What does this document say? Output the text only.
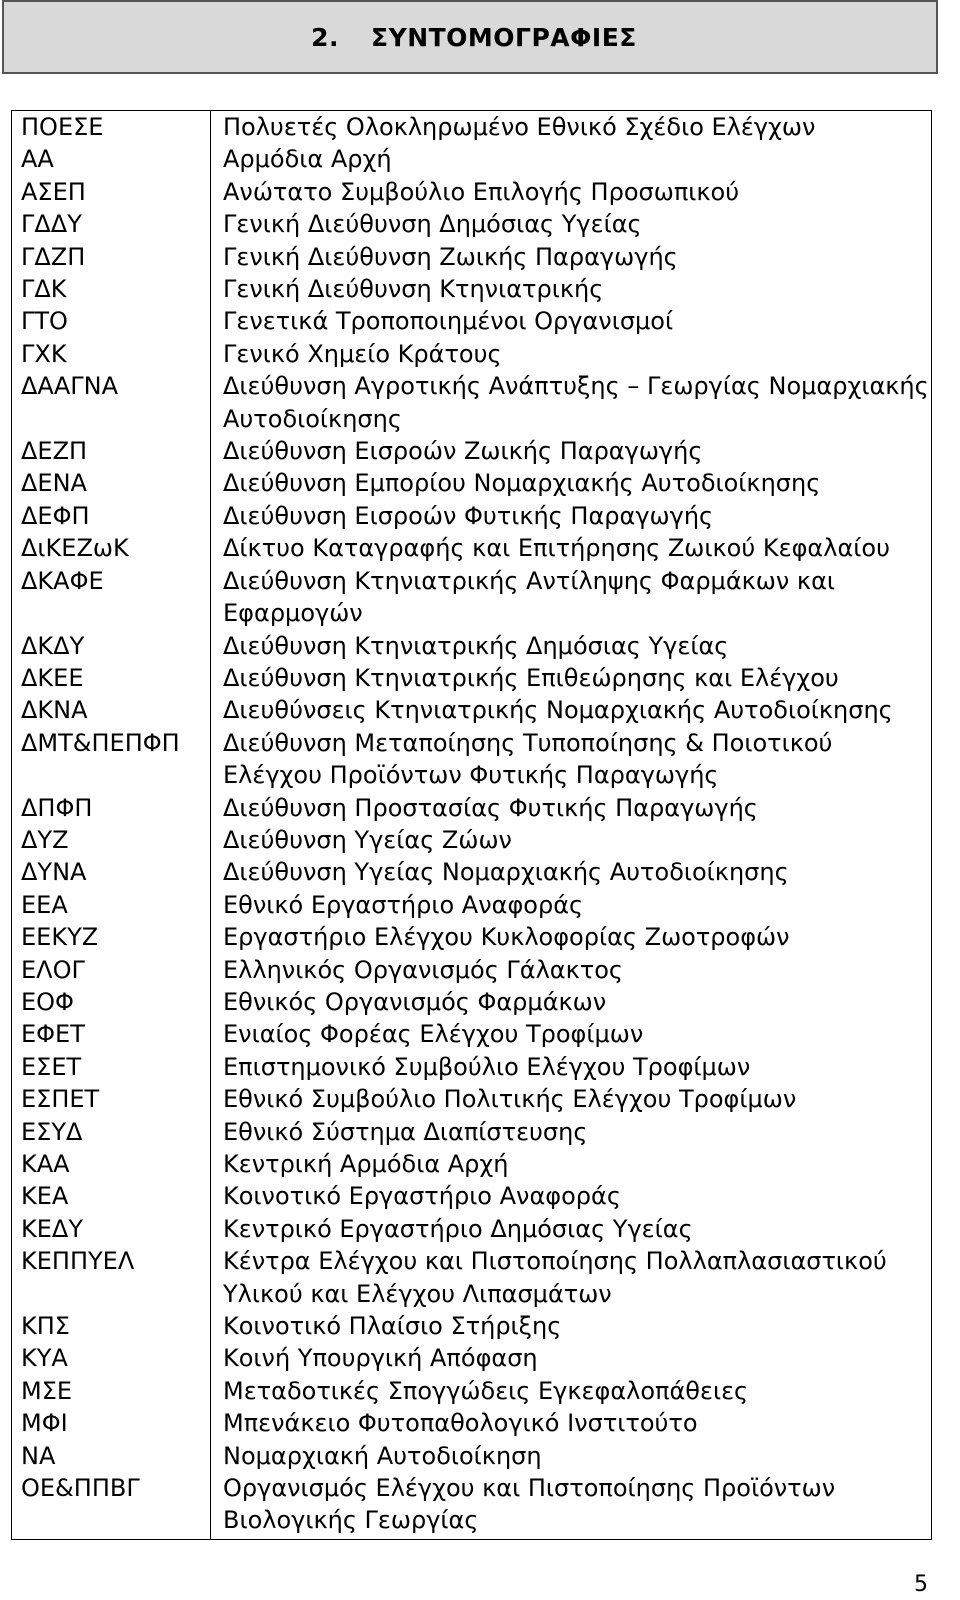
2. ΣΥΝΤΟΜΟΓΡΑΦΙΕΣ
ΠΟΕΣΕ	Πολυετές Ολοκληρωμένο Εθνικό Σχέδιο Ελέγχων

ΑΑ	Αρμόδια Αρχή

ΑΣΕΠ	Ανώτατο Συμβούλιο Επιλογής Προσωπικού

ΓΔΔΥ	Γενική Διεύθυνση Δημόσιας Υγείας

ΓΔΖΠ	Γενική Διεύθυνση Ζωικής Παραγωγής

ΓΔΚ	Γενική Διεύθυνση Κτηνιατρικής

ΓΤΟ	Γενετικά Τροποποιημένοι Οργανισμοί

ΓΧΚ	Γενικό Χημείο Κράτους

ΔΑΑΓΝΑ	Διεύθυνση Αγροτικής Ανάπτυξης – Γεωργίας Νομαρχιακής Αυτοδιοίκησης

ΔΕΖΠ	Διεύθυνση Εισροών Ζωικής Παραγωγής

ΔΕΝΑ	Διεύθυνση Εμπορίου Νομαρχιακής Αυτοδιοίκησης

ΔΕΦΠ	Διεύθυνση Εισροών Φυτικής Παραγωγής

ΔιΚΕΖωΚ	Δίκτυο Καταγραφής και Επιτήρησης Ζωικού Κεφαλαίου

ΔΚΑΦΕ	Διεύθυνση Κτηνιατρικής Αντίληψης Φαρμάκων και Εφαρμογών

ΔΚΔΥ	Διεύθυνση Κτηνιατρικής Δημόσιας Υγείας

ΔΚΕΕ	Διεύθυνση Κτηνιατρικής Επιθεώρησης και Ελέγχου

ΔΚΝΑ	Διευθύνσεις Κτηνιατρικής Νομαρχιακής Αυτοδιοίκησης

ΔΜΤ&ΠΕΠΦΠ	Διεύθυνση Μεταποίησης Τυποποίησης & Ποιοτικού Ελέγχου Προϊόντων Φυτικής Παραγωγής

ΔΠΦΠ	Διεύθυνση Προστασίας Φυτικής Παραγωγής

ΔΥΖ	Διεύθυνση Υγείας Ζώων

ΔΥΝΑ	Διεύθυνση Υγείας Νομαρχιακής Αυτοδιοίκησης

ΕΕΑ	Εθνικό Εργαστήριο Αναφοράς

ΕΕΚΥΖ	Εργαστήριο Ελέγχου Κυκλοφορίας Ζωοτροφών

ΕΛΟΓ	Ελληνικός Οργανισμός Γάλακτος

ΕΟΦ	Εθνικός Οργανισμός Φαρμάκων

ΕΦΕΤ	Ενιαίος Φορέας Ελέγχου Τροφίμων

ΕΣΕΤ	Επιστημονικό Συμβούλιο Ελέγχου Τροφίμων

ΕΣΠΕΤ	Εθνικό Συμβούλιο Πολιτικής Ελέγχου Τροφίμων

ΕΣΥΔ	Εθνικό Σύστημα Διαπίστευσης

ΚΑΑ	Κεντρική Αρμόδια Αρχή

ΚΕΑ	Κοινοτικό Εργαστήριο Αναφοράς

ΚΕΔΥ	Κεντρικό Εργαστήριο Δημόσιας Υγείας

ΚΕΠΠΥΕΛ	Κέντρα Ελέγχου και Πιστοποίησης Πολλαπλασιαστικού Υλικού και Ελέγχου Λιπασμάτων

ΚΠΣ	Κοινοτικό Πλαίσιο Στήριξης

ΚΥΑ	Κοινή Υπουργική Απόφαση

ΜΣΕ	Μεταδοτικές Σπογγώδεις Εγκεφαλοπάθειες

ΜΦΙ	Μπενάκειο Φυτοπαθολογικό Ινστιτούτο

ΝΑ	Νομαρχιακή Αυτοδιοίκηση

ΟΕ&ΠΠΒΓ	Οργανισμός Ελέγχου και Πιστοποίησης Προϊόντων Βιολογικής Γεωργίας
5
